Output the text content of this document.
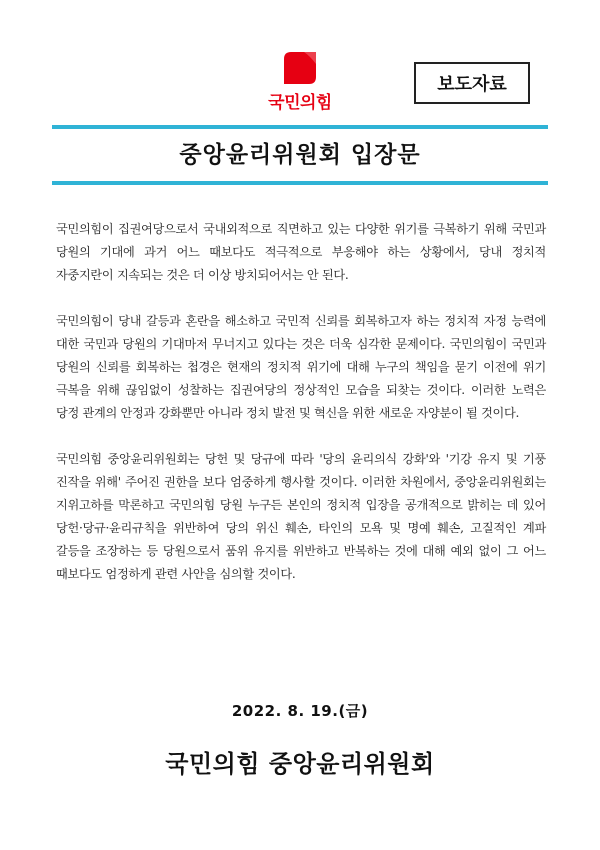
국민의힘
보도자료
중앙윤리위원회 입장문

국민의힘이 집권여당으로서 국내외적으로 직면하고 있는 다양한 위기를 극복하기 위해 국민과 당원의 기대에 과거 어느 때보다도 적극적으로 부응해야 하는 상황에서, 당내 정치적 자중지란이 지속되는 것은 더 이상 방치되어서는 안 된다.

국민의힘이 당내 갈등과 혼란을 해소하고 국민적 신뢰를 회복하고자 하는 정치적 자정 능력에 대한 국민과 당원의 기대마저 무너지고 있다는 것은 더욱 심각한 문제이다. 국민의힘이 국민과 당원의 신뢰를 회복하는 첩경은 현재의 정치적 위기에 대해 누구의 책임을 묻기 이전에 위기 극복을 위해 끊임없이 성찰하는 집권여당의 정상적인 모습을 되찾는 것이다. 이러한 노력은 당정 관계의 안정과 강화뿐만 아니라 정치 발전 및 혁신을 위한 새로운 자양분이 될 것이다.

국민의힘 중앙윤리위원회는 당헌 및 당규에 따라 '당의 윤리의식 강화'와 '기강 유지 및 기풍 진작을 위해' 주어진 권한을 보다 엄중하게 행사할 것이다. 이러한 차원에서, 중앙윤리위원회는 지위고하를 막론하고 국민의힘 당원 누구든 본인의 정치적 입장을 공개적으로 밝히는 데 있어 당헌·당규·윤리규칙을 위반하여 당의 위신 훼손, 타인의 모욕 및 명예 훼손, 고질적인 계파 갈등을 조장하는 등 당원으로서 품위 유지를 위반하고 반복하는 것에 대해 예외 없이 그 어느 때보다도 엄정하게 관련 사안을 심의할 것이다.

2022. 8. 19.(금)
국민의힘 중앙윤리위원회
